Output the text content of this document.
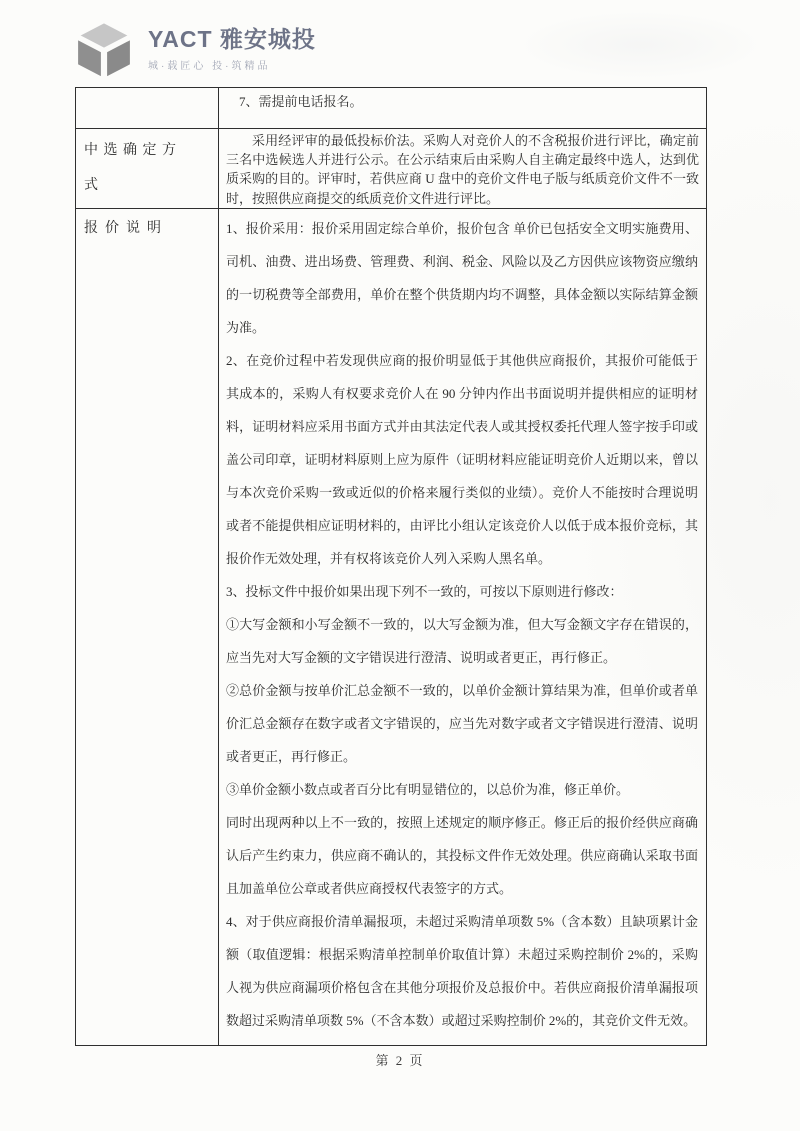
YACT 雅安城投
城·载匠心 投·筑精品

	7、需提前电话报名。

中选确定方式	采用经评审的最低投标价法。采购人对竞价人的不含税报价进行评比，确定前三名中选候选人并进行公示。在公示结束后由采购人自主确定最终中选人，达到优质采购的目的。评审时，若供应商 U 盘中的竞价文件电子版与纸质竞价文件不一致时，按照供应商提交的纸质竞价文件进行评比。

报价说明	1、报价采用：报价采用固定综合单价，报价包含 单价已包括安全文明实施费用、司机、油费、进出场费、管理费、利润、税金、风险以及乙方因供应该物资应缴纳的一切税费等全部费用，单价在整个供货期内均不调整，具体金额以实际结算金额为准。

2、在竞价过程中若发现供应商的报价明显低于其他供应商报价，其报价可能低于其成本的，采购人有权要求竞价人在 90 分钟内作出书面说明并提供相应的证明材料，证明材料应采用书面方式并由其法定代表人或其授权委托代理人签字按手印或盖公司印章，证明材料原则上应为原件（证明材料应能证明竞价人近期以来，曾以与本次竞价采购一致或近似的价格来履行类似的业绩）。竞价人不能按时合理说明或者不能提供相应证明材料的，由评比小组认定该竞价人以低于成本报价竞标，其报价作无效处理，并有权将该竞价人列入采购人黑名单。

3、投标文件中报价如果出现下列不一致的，可按以下原则进行修改：

①大写金额和小写金额不一致的，以大写金额为准，但大写金额文字存在错误的，应当先对大写金额的文字错误进行澄清、说明或者更正，再行修正。

②总价金额与按单价汇总金额不一致的，以单价金额计算结果为准，但单价或者单价汇总金额存在数字或者文字错误的，应当先对数字或者文字错误进行澄清、说明或者更正，再行修正。

③单价金额小数点或者百分比有明显错位的，以总价为准，修正单价。

同时出现两种以上不一致的，按照上述规定的顺序修正。修正后的报价经供应商确认后产生约束力，供应商不确认的，其投标文件作无效处理。供应商确认采取书面且加盖单位公章或者供应商授权代表签字的方式。

4、对于供应商报价清单漏报项，未超过采购清单项数 5%（含本数）且缺项累计金额（取值逻辑：根据采购清单控制单价取值计算）未超过采购控制价 2%的，采购人视为供应商漏项价格包含在其他分项报价及总报价中。若供应商报价清单漏报项数超过采购清单项数 5%（不含本数）或超过采购控制价 2%的，其竞价文件无效。

第 2 页
